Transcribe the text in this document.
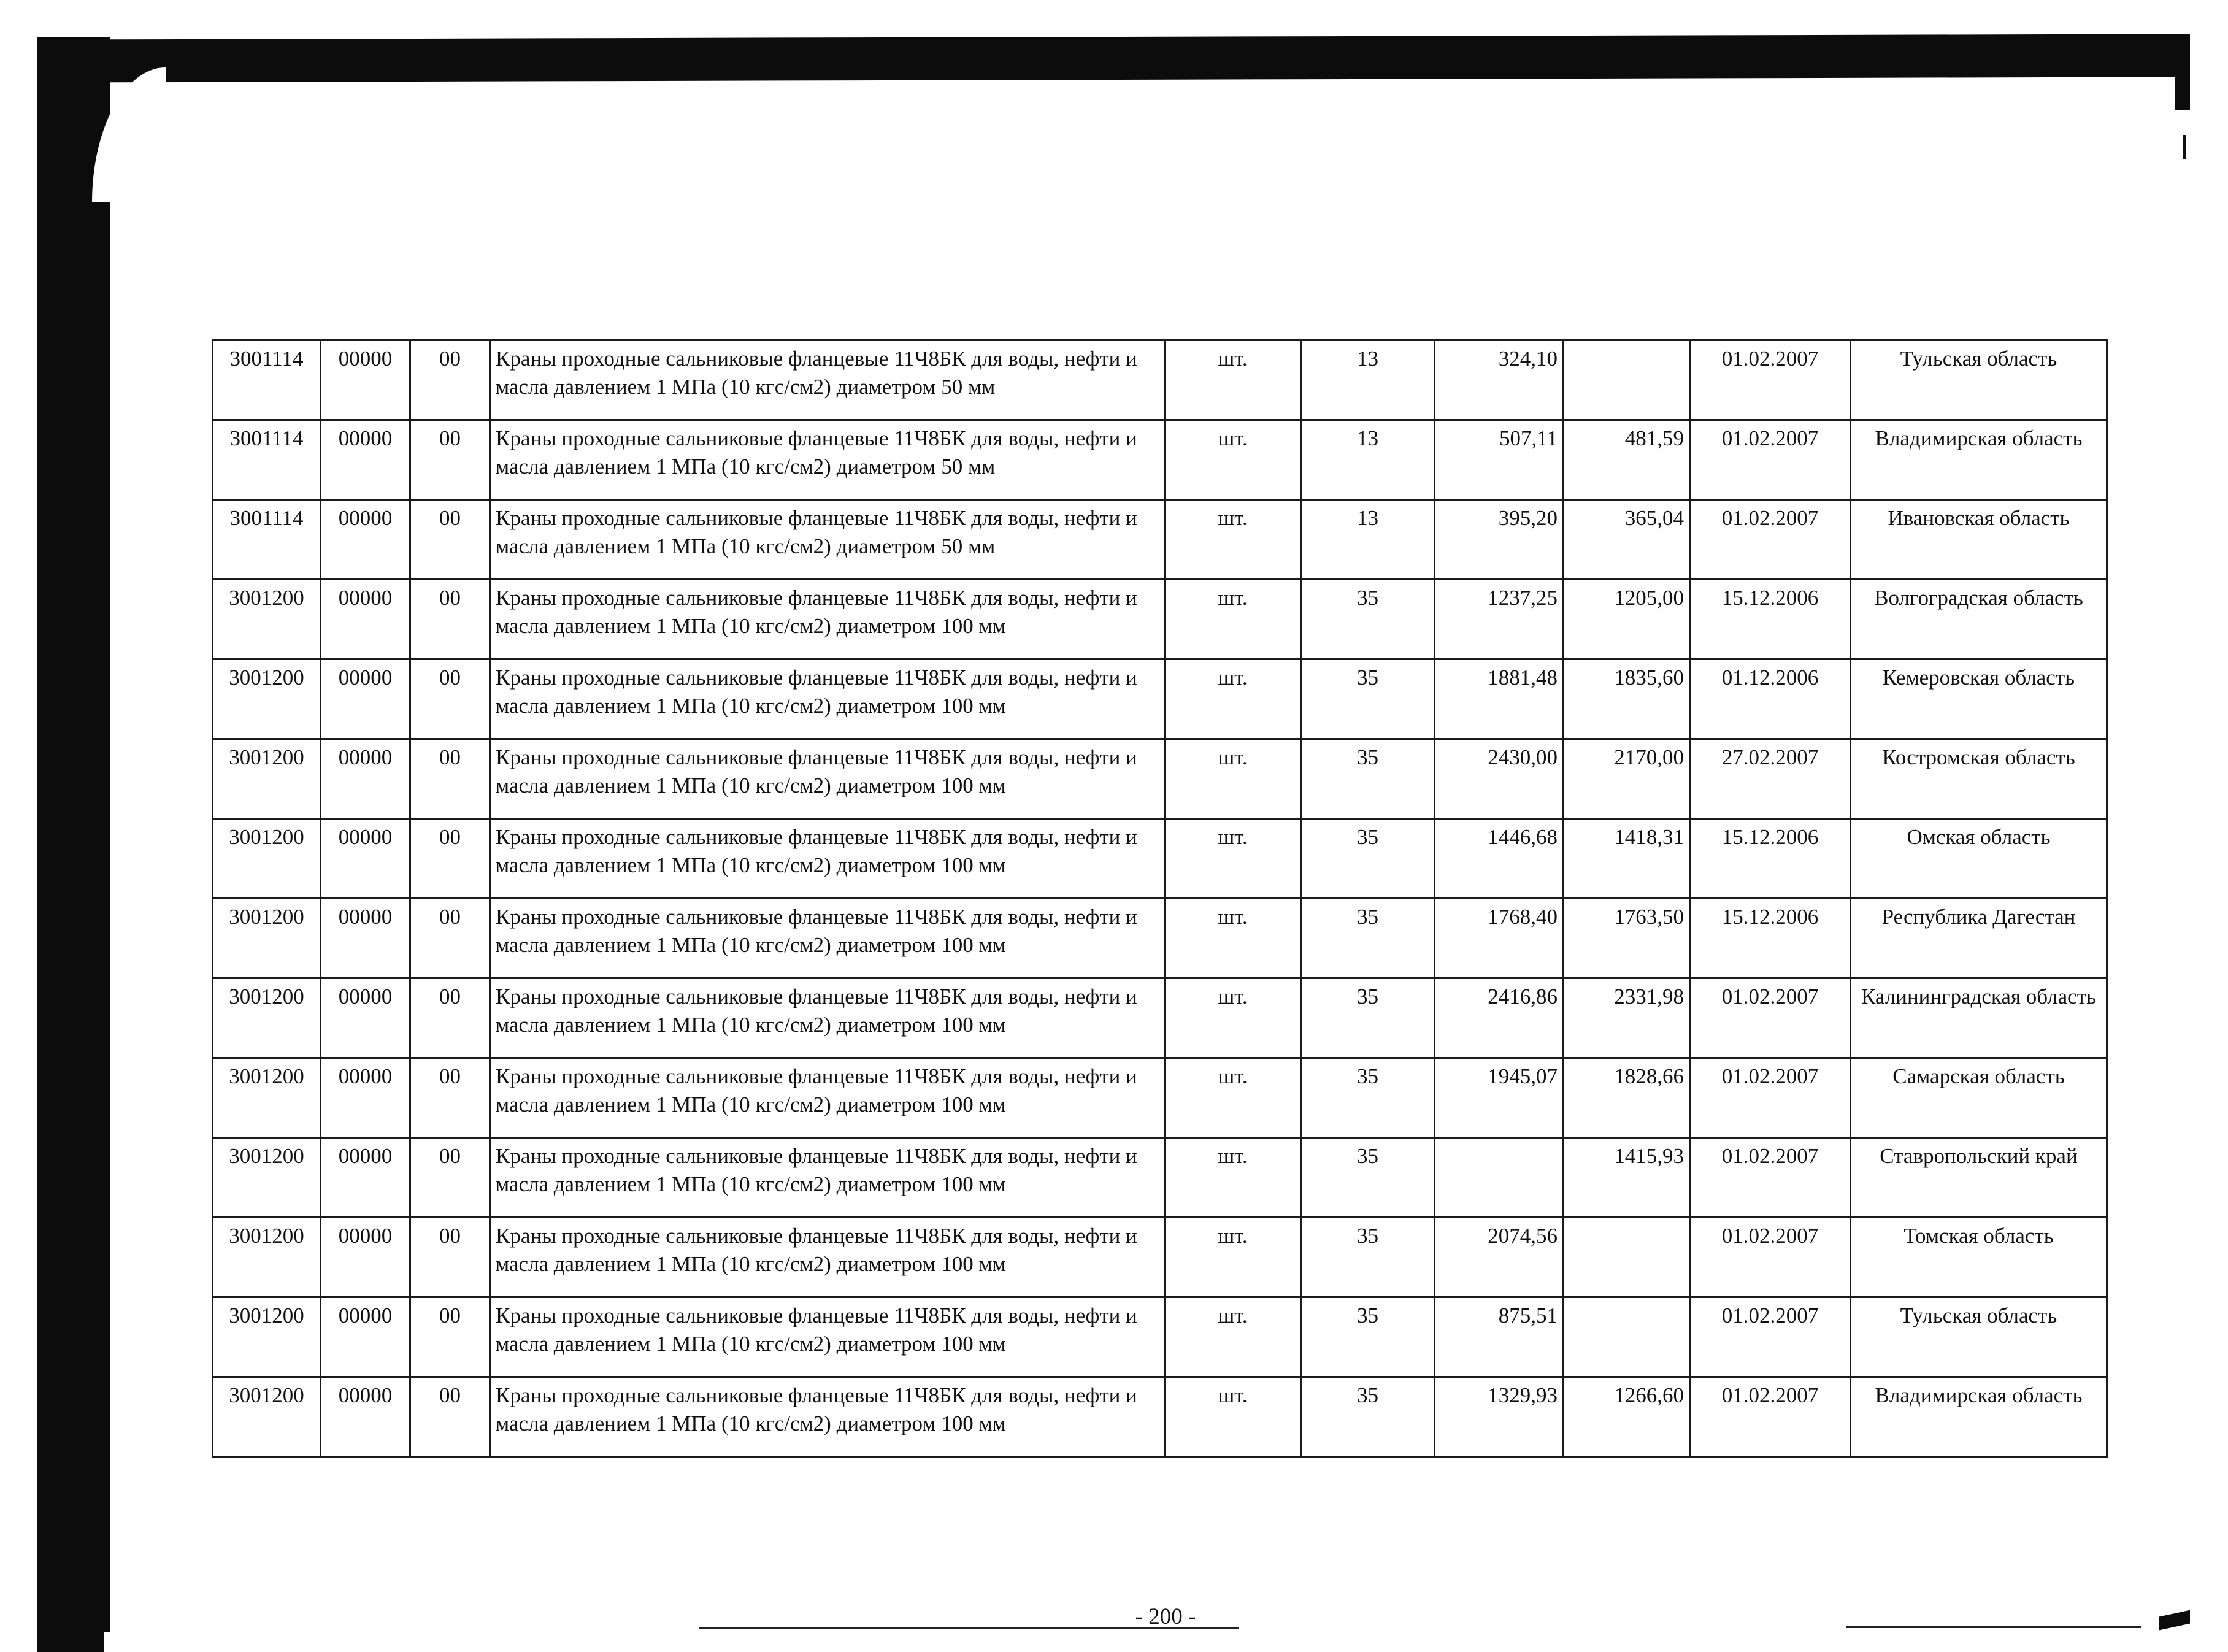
3001114	00000	00	Краны проходные сальниковые фланцевые 11Ч8БК для воды, нефти и масла давлением 1 МПа (10 кгс/см2) диаметром 50 мм	шт.	13	324,10		01.02.2007	Тульская область
3001114	00000	00	Краны проходные сальниковые фланцевые 11Ч8БК для воды, нефти и масла давлением 1 МПа (10 кгс/см2) диаметром 50 мм	шт.	13	507,11	481,59	01.02.2007	Владимирская область
3001114	00000	00	Краны проходные сальниковые фланцевые 11Ч8БК для воды, нефти и масла давлением 1 МПа (10 кгс/см2) диаметром 50 мм	шт.	13	395,20	365,04	01.02.2007	Ивановская область
3001200	00000	00	Краны проходные сальниковые фланцевые 11Ч8БК для воды, нефти и масла давлением 1 МПа (10 кгс/см2) диаметром 100 мм	шт.	35	1237,25	1205,00	15.12.2006	Волгоградская область
3001200	00000	00	Краны проходные сальниковые фланцевые 11Ч8БК для воды, нефти и масла давлением 1 МПа (10 кгс/см2) диаметром 100 мм	шт.	35	1881,48	1835,60	01.12.2006	Кемеровская область
3001200	00000	00	Краны проходные сальниковые фланцевые 11Ч8БК для воды, нефти и масла давлением 1 МПа (10 кгс/см2) диаметром 100 мм	шт.	35	2430,00	2170,00	27.02.2007	Костромская область
3001200	00000	00	Краны проходные сальниковые фланцевые 11Ч8БК для воды, нефти и масла давлением 1 МПа (10 кгс/см2) диаметром 100 мм	шт.	35	1446,68	1418,31	15.12.2006	Омская область
3001200	00000	00	Краны проходные сальниковые фланцевые 11Ч8БК для воды, нефти и масла давлением 1 МПа (10 кгс/см2) диаметром 100 мм	шт.	35	1768,40	1763,50	15.12.2006	Республика Дагестан
3001200	00000	00	Краны проходные сальниковые фланцевые 11Ч8БК для воды, нефти и масла давлением 1 МПа (10 кгс/см2) диаметром 100 мм	шт.	35	2416,86	2331,98	01.02.2007	Калининградская область
3001200	00000	00	Краны проходные сальниковые фланцевые 11Ч8БК для воды, нефти и масла давлением 1 МПа (10 кгс/см2) диаметром 100 мм	шт.	35	1945,07	1828,66	01.02.2007	Самарская область
3001200	00000	00	Краны проходные сальниковые фланцевые 11Ч8БК для воды, нефти и масла давлением 1 МПа (10 кгс/см2) диаметром 100 мм	шт.	35		1415,93	01.02.2007	Ставропольский край
3001200	00000	00	Краны проходные сальниковые фланцевые 11Ч8БК для воды, нефти и масла давлением 1 МПа (10 кгс/см2) диаметром 100 мм	шт.	35	2074,56		01.02.2007	Томская область
3001200	00000	00	Краны проходные сальниковые фланцевые 11Ч8БК для воды, нефти и масла давлением 1 МПа (10 кгс/см2) диаметром 100 мм	шт.	35	875,51		01.02.2007	Тульская область
3001200	00000	00	Краны проходные сальниковые фланцевые 11Ч8БК для воды, нефти и масла давлением 1 МПа (10 кгс/см2) диаметром 100 мм	шт.	35	1329,93	1266,60	01.02.2007	Владимирская область
- 200 -
